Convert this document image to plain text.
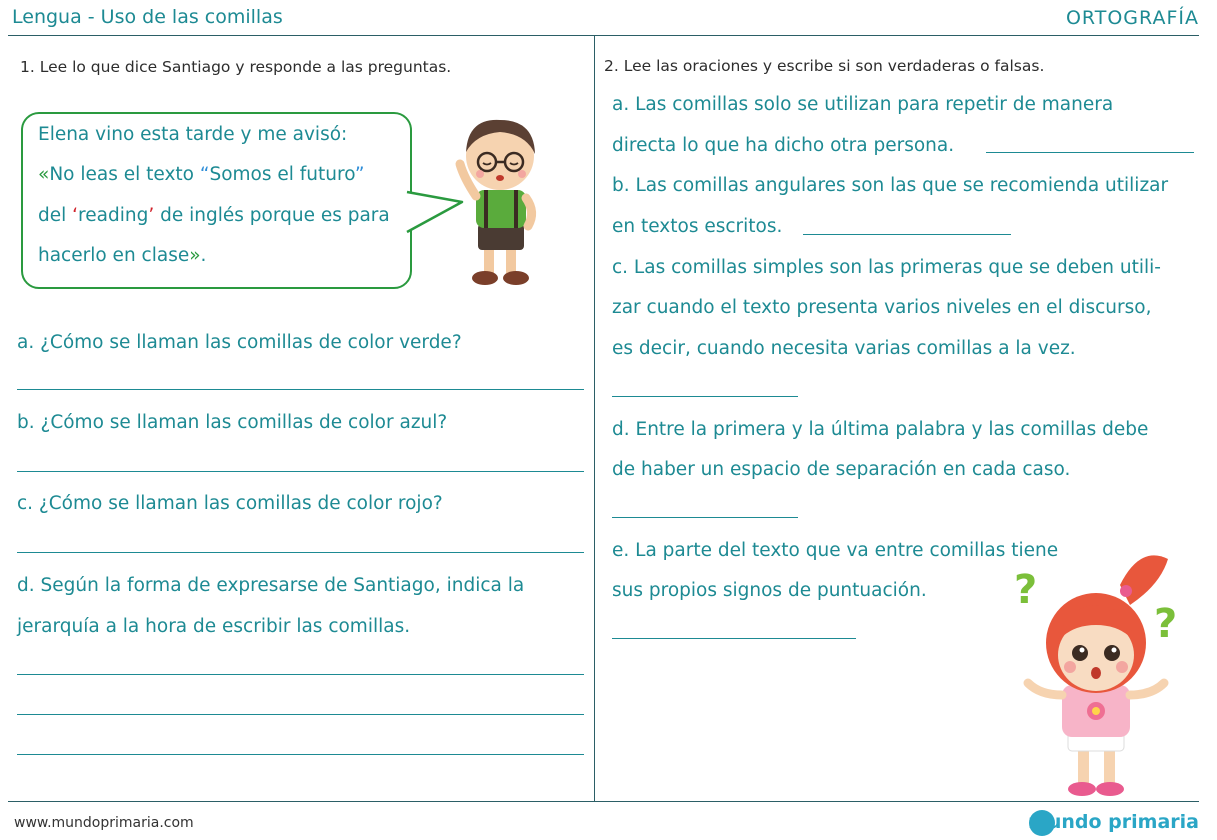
Lengua - Uso de las comillas	ORTOGRAFÍA
1. Lee lo que dice Santiago y responde a las preguntas.
Elena vino esta tarde y me avisó:
«No leas el texto “Somos el futuro”
del ‘reading’ de inglés porque es para
hacerlo en clase».
a. ¿Cómo se llaman las comillas de color verde?
b. ¿Cómo se llaman las comillas de color azul?
c. ¿Cómo se llaman las comillas de color rojo?
d. Según la forma de expresarse de Santiago, indica la
jerarquía a la hora de escribir las comillas.
2. Lee las oraciones y escribe si son verdaderas o falsas.
a. Las comillas solo se utilizan para repetir de manera
directa lo que ha dicho otra persona.
b. Las comillas angulares son las que se recomienda utilizar
en textos escritos.
c. Las comillas simples son las primeras que se deben utili-
zar cuando el texto presenta varios niveles en el discurso,
es decir, cuando necesita varias comillas a la vez.
d. Entre la primera y la última palabra y las comillas debe
de haber un espacio de separación en cada caso.
e. La parte del texto que va entre comillas tiene
sus propios signos de puntuación. ?
?
www.mundoprimaria.com	mundo primaria
